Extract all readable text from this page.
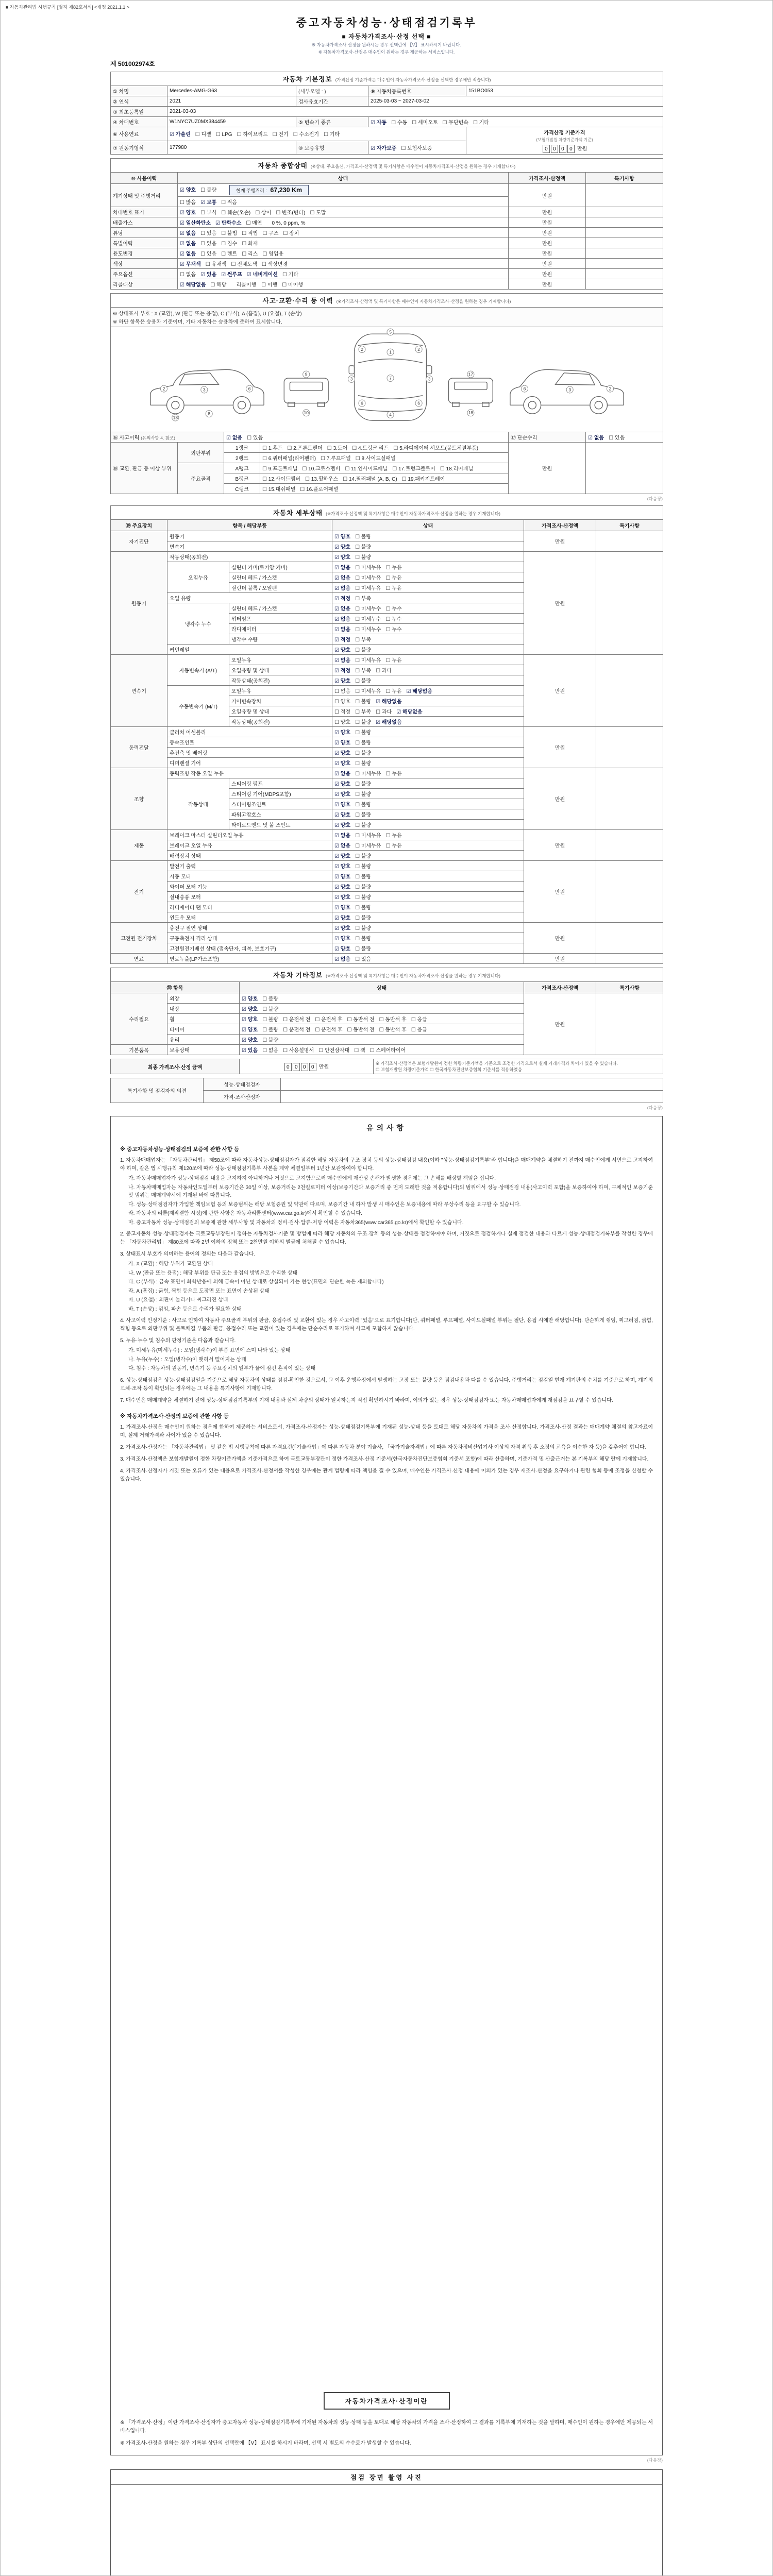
■ 자동차관리법 시행규칙 [별지 제82호서식] <개정 2021.1.1.>
중고자동차성능·상태점검기록부
■ 자동차가격조사·산정 선택 ■
※ 자동차가격조사·산정을 원하시는 경우 선택란에 【V】 표시하시기 바랍니다.
※ 자동차가격조사·산정은 매수인이 원하는 경우 제공하는 서비스입니다.
제 501002974호
자동차 기본정보 (가격산정 기준가격은 매수인이 자동차가격조사·산정을 선택한 경우에만 적습니다)				
① 차명	Mercedes-AMG-G63	(세부모델 : )	⑨ 자동차등록번호	151BO053
② 연식	2021	검사유효기간	2025-03-03 ~ 2027-03-02	
③ 최초등록일	2021-03-03			
④ 차대번호	W1NYC7UZ0MX384459	⑤ 변속기 종류	☑ 자동 ☐ 수동 ☐ 세미오토 ☐ 무단변속 ☐ 기타	
⑥ 사용연료	☑ 가솔린 ☐ 디젤 ☐ LPG ☐ 하이브리드 ☐ 전기 ☐ 수소전기 ☐ 기타			가격산정 기준가격
(보험개발원 차량기준가액 기준)
0 0 0 0 만원

⑦ 원동기형식	177980	⑧ 보증유형	☑ 자가보증 ☐ 보험사보증	
자동차 종합상태 (※상태, 주요옵션, 가격조사·산정액 및 특기사항은 매수인이 자동차가격조사·산정을 원하는 경우 기재합니다)			
⑩ 사용이력	상태	가격조사·산정액	특기사항
계기상태 및 주행거리	☑ 양호 ☐ 불량 현재 주행거리 : 67,230 Km	만원	
	☐ 많음 ☑ 보통 ☐ 적음		
차대번호 표기	☑ 양호 ☐ 부식 ☐ 훼손(오손) ☐ 상이 ☐ 변조(변타) ☐ 도말	만원	
배출가스	☑ 일산화탄소 ☑ 탄화수소 ☐ 매연 0 %, 0 ppm, %	만원	
튜닝	☑ 없음 ☐ 있음 ☐ 불법 ☐ 적법 ☐ 구조 ☐ 장치	만원	
특별이력	☑ 없음 ☐ 있음 ☐ 침수 ☐ 화재	만원	
용도변경	☑ 없음 ☐ 있음 ☐ 렌트 ☐ 리스 ☐ 영업용	만원	
색상	☑ 무채색 ☐ 유채색 ☐ 전체도색 ☐ 색상변경	만원	
주요옵션	☐ 없음 ☑ 있음 ☑ 썬루프 ☑ 네비게이션 ☐ 기타	만원	
리콜대상	☑ 해당없음 ☐ 해당 리콜이행 ☐ 이행 ☐ 미이행	만원	
사고·교환·수리 등 이력 (※가격조사·산정액 및 특기사항은 매수인이 자동차가격조사·산정을 원하는 경우 기재합니다)					

※ 상태표시 부호 : X (교환), W (판금 또는 용접), C (부식), A (흠집), U (요철), T (손상)
※ 하단 항목은 승용차 기준이며, 기타 자동차는 승용차에 준하여 표시합니다.					

2	3	6
13
8
9
10
5
1
2	2
3	3
7
6	6
4
17
18
6	3	2

⑯ 사고이력 (유의사항 4. 참조)		☑ 없음 ☐ 있음		⑰ 단순수리	☑ 없음 ☐ 있음
⑱ 교환, 판금 등 이상 부위	외판부위	1랭크	☐ 1.후드 ☐ 2.프론트펜더 ☐ 3.도어 ☐ 4.트렁크 리드 ☐ 5.라디에이터 서포트(볼트체결부품)	만원	
		2랭크	☐ 6.쿼터패널(리어펜더) ☐ 7.루프패널 ☐ 8.사이드실패널		
	주요골격	A랭크	☐ 9.프론트패널 ☐ 10.크로스멤버 ☐ 11.인사이드패널 ☐ 17.트렁크플로어 ☐ 18.리어패널		
		B랭크	☐ 12.사이드멤버 ☐ 13.휠하우스 ☐ 14.필러패널 (A, B, C) ☐ 19.패키지트레이		
		C랭크	☐ 15.대쉬패널 ☐ 16.플로어패널		
(다음장)
자동차 세부상태 (※가격조사·산정액 및 특기사항은 매수인이 자동차가격조사·산정을 원하는 경우 기재합니다)					
⑲ 주요장치	항목 / 해당부품		상태	가격조사·산정액	특기사항
자기진단	원동기		☑ 양호 ☐ 불량	만원	
	변속기		☑ 양호 ☐ 불량		
원동기	작동상태(공회전)		☑ 양호 ☐ 불량	만원	
	오일누유	실린더 커버(로커암 커버)	☑ 없음 ☐ 미세누유 ☐ 누유		
		실린더 헤드 / 가스켓	☑ 없음 ☐ 미세누유 ☐ 누유		
		실린더 블록 / 오일팬	☑ 없음 ☐ 미세누유 ☐ 누유		
	오일 유량		☑ 적정 ☐ 부족		
	냉각수 누수	실린더 헤드 / 가스켓	☑ 없음 ☐ 미세누수 ☐ 누수		
		워터펌프	☑ 없음 ☐ 미세누수 ☐ 누수		
		라디에이터	☑ 없음 ☐ 미세누수 ☐ 누수		
		냉각수 수량	☑ 적정 ☐ 부족		
	커먼레일		☑ 양호 ☐ 불량		
변속기	자동변속기 (A/T)	오일누유	☑ 없음 ☐ 미세누유 ☐ 누유	만원	
		오일유량 및 상태	☑ 적정 ☐ 부족 ☐ 과다		
		작동상태(공회전)	☑ 양호 ☐ 불량		
	수동변속기 (M/T)	오일누유	☐ 없음 ☐ 미세누유 ☐ 누유 ☑ 해당없음		
		기어변속장치	☐ 양호 ☐ 불량 ☑ 해당없음		
		오일유량 및 상태	☐ 적정 ☐ 부족 ☐ 과다 ☑ 해당없음		
		작동상태(공회전)	☐ 양호 ☐ 불량 ☑ 해당없음		
동력전달	클러치 어셈블리		☑ 양호 ☐ 불량	만원	
	등속조인트		☑ 양호 ☐ 불량		
	추진축 및 베어링		☑ 양호 ☐ 불량		
	디퍼렌셜 기어		☑ 양호 ☐ 불량		
조향	동력조향 작동 오일 누유		☑ 없음 ☐ 미세누유 ☐ 누유	만원	
	작동상태	스티어링 펌프	☑ 양호 ☐ 불량		
		스티어링 기어(MDPS포함)	☑ 양호 ☐ 불량		
		스티어링조인트	☑ 양호 ☐ 불량		
		파워고압호스	☑ 양호 ☐ 불량		
		타이로드엔드 및 볼 조인트	☑ 양호 ☐ 불량		
제동	브레이크 마스터 실린더오일 누유		☑ 없음 ☐ 미세누유 ☐ 누유	만원	
	브레이크 오일 누유		☑ 없음 ☐ 미세누유 ☐ 누유		
	배력장치 상태		☑ 양호 ☐ 불량		
전기	발전기 출력		☑ 양호 ☐ 불량	만원	
	시동 모터		☑ 양호 ☐ 불량		
	와이퍼 모터 기능		☑ 양호 ☐ 불량		
	실내송풍 모터		☑ 양호 ☐ 불량		
	라디에이터 팬 모터		☑ 양호 ☐ 불량		
	윈도우 모터		☑ 양호 ☐ 불량		
고전원 전기장치	충전구 절연 상태		☑ 양호 ☐ 불량	만원	
	구동축전지 격리 상태		☑ 양호 ☐ 불량		
	고전원전기배선 상태 (접속단자, 피복, 보호기구)		☑ 양호 ☐ 불량		
연료	연료누출(LP가스포함)		☑ 없음 ☐ 있음	만원	
자동차 기타정보 (※가격조사·산정액 및 특기사항은 매수인이 자동차가격조사·산정을 원하는 경우 기재합니다)				
⑳ 항목		상태	가격조사·산정액	특기사항
수리필요	외장	☑ 양호 ☐ 불량	만원	
	내장	☑ 양호 ☐ 불량		
	휠	☑ 양호 ☐ 불량 ☐ 운전석 전 ☐ 운전석 후 ☐ 동반석 전 ☐ 동반석 후 ☐ 응급		
	타이어	☑ 양호 ☐ 불량 ☐ 운전석 전 ☐ 운전석 후 ☐ 동반석 전 ☐ 동반석 후 ☐ 응급		
	유리	☑ 양호 ☐ 불량		
기본품목	보유상태	☑ 있음 ☐ 없음 ☐ 사용설명서 ☐ 안전삼각대 ☐ 잭 ☐ 스페어타이어		
최종 가격조사·산정 금액	0 0 0 0 만원	
※ 가격조사·산정액은 보험개발원이 정한 차량기준가액을 기준으로 조정한 가격으로서 실제 거래가격과 차이가 있을 수 있습니다.
☐ 보험개발원 차량기준가액 ☐ 한국자동차진단보증협회 기준서를 적용하였음
특기사항 및 점검자의 의견	성능·상태점검자	
	가격·조사산정자	
(다음장)
유의사항
※ 중고자동차성능·상태점검의 보증에 관한 사항 등
1. 자동차매매업자는 「자동차관리법」 제58조에 따라 자동차성능·상태점검자가 점검한 해당 자동차의 구조·장치 등의 성능·상태점검 내용(이하 "성능·상태점검기록부"라 합니다)을 매매계약을 체결하기 전까지 매수인에게 서면으로 고지하여야 하며, 같은 법 시행규칙 제120조에 따라 성능·상태점검기록부 사본을 계약 체결일부터 1년간 보관하여야 합니다.
가. 자동차매매업자가 성능·상태점검 내용을 고지하지 아니하거나 거짓으로 고지함으로써 매수인에게 재산상 손해가 발생한 경우에는 그 손해를 배상할 책임을 집니다.
나. 자동차매매업자는 자동차인도일부터 보증기간은 30일 이상, 보증거리는 2천킬로미터 이상(보증기간과 보증거리 중 먼저 도래한 것을 적용합니다)의 범위에서 성능·상태점검 내용(사고이력 포함)을 보증하여야 하며, 구체적인 보증기준 및 범위는 매매계약서에 기재된 바에 따릅니다.
다. 성능·상태점검자가 가입한 책임보험 등의 보증범위는 해당 보험증권 및 약관에 따르며, 보증기간 내 하자 발생 시 매수인은 보증내용에 따라 무상수리 등을 요구할 수 있습니다.
라. 자동차의 리콜(제작결함 시정)에 관한 사항은 자동차리콜센터(www.car.go.kr)에서 확인할 수 있습니다.
마. 중고자동차 성능·상태점검의 보증에 관한 세부사항 및 자동차의 정비·검사·압류·저당 이력은 자동차365(www.car365.go.kr)에서 확인할 수 있습니다.
2. 중고자동차 성능·상태점검자는 국토교통부장관이 정하는 자동차검사기준 및 방법에 따라 해당 자동차의 구조·장치 등의 성능·상태를 점검하여야 하며, 거짓으로 점검하거나 실제 점검한 내용과 다르게 성능·상태점검기록부를 작성한 경우에는 「자동차관리법」 제80조에 따라 2년 이하의 징역 또는 2천만원 이하의 벌금에 처해질 수 있습니다.
3. 상태표시 부호가 의미하는 용어의 정의는 다음과 같습니다.
가. X (교환) : 해당 부위가 교환된 상태
나. W (판금 또는 용접) : 해당 부위를 판금 또는 용접의 방법으로 수리한 상태
다. C (부식) : 금속 표면이 화학반응에 의해 금속이 아닌 상태로 상실되어 가는 현상(표면의 단순한 녹은 제외합니다)
라. A (흠집) : 긁힘, 찍힘 등으로 도장면 또는 표면이 손상된 상태
마. U (요철) : 외판이 눌리거나 찌그러진 상태
바. T (손상) : 꺾임, 파손 등으로 수리가 필요한 상태
4. 사고이력 인정기준 : 사고로 인하여 자동차 주요골격 부위의 판금, 용접수리 및 교환이 있는 경우 사고이력 "있음"으로 표기합니다(단, 쿼터패널, 루프패널, 사이드실패널 부위는 절단, 용접 시에만 해당합니다). 단순하게 꺾임, 찌그러짐, 긁힘, 찍힘 등으로 외판부위 및 볼트체결 부품의 판금, 용접수리 또는 교환이 있는 경우에는 단순수리로 표기하며 사고에 포함하지 않습니다.
5. 누유·누수 및 침수의 판정기준은 다음과 같습니다.
가. 미세누유(미세누수) : 오일(냉각수)이 부품 표면에 스며 나와 있는 상태
나. 누유(누수) : 오일(냉각수)이 맺혀서 떨어지는 상태
다. 침수 : 자동차의 원동기, 변속기 등 주요장치의 일부가 물에 잠긴 흔적이 있는 상태
6. 성능·상태점검은 성능·상태점검일을 기준으로 해당 자동차의 상태를 점검·확인한 것으로서, 그 이후 운행과정에서 발생하는 고장 또는 불량 등은 점검내용과 다를 수 있습니다. 주행거리는 점검일 현재 계기판의 수치를 기준으로 하며, 계기의 교체·조작 등이 확인되는 경우에는 그 내용을 특기사항에 기재합니다.
7. 매수인은 매매계약을 체결하기 전에 성능·상태점검기록부의 기재 내용과 실제 차량의 상태가 일치하는지 직접 확인하시기 바라며, 이의가 있는 경우 성능·상태점검자 또는 자동차매매업자에게 재점검을 요구할 수 있습니다.
※ 자동차가격조사·산정의 보증에 관한 사항 등
1. 가격조사·산정은 매수인이 원하는 경우에 한하여 제공하는 서비스로서, 가격조사·산정자는 성능·상태점검기록부에 기재된 성능·상태 등을 토대로 해당 자동차의 가격을 조사·산정합니다. 가격조사·산정 결과는 매매계약 체결의 참고자료이며, 실제 거래가격과 차이가 있을 수 있습니다.
2. 가격조사·산정자는 「자동차관리법」 및 같은 법 시행규칙에 따른 자격요건(「기술사법」에 따른 자동차 분야 기술사, 「국가기술자격법」에 따른 자동차정비산업기사 이상의 자격 취득 후 소정의 교육을 이수한 자 등)을 갖추어야 합니다.
3. 가격조사·산정액은 보험개발원이 정한 차량기준가액을 기준가격으로 하여 국토교통부장관이 정한 가격조사·산정 기준서(한국자동차진단보증협회 기준서 포함)에 따라 산출하며, 기준가격 및 산출근거는 본 기록부의 해당 란에 기재합니다.
4. 가격조사·산정자가 거짓 또는 오류가 있는 내용으로 가격조사·산정서를 작성한 경우에는 관계 법령에 따라 책임을 질 수 있으며, 매수인은 가격조사·산정 내용에 이의가 있는 경우 재조사·산정을 요구하거나 관련 협회 등에 조정을 신청할 수 있습니다.
자동차가격조사·산정이란
※ 「가격조사·산정」이란 가격조사·산정자가 중고자동차 성능·상태점검기록부에 기재된 자동차의 성능·상태 등을 토대로 해당 자동차의 가격을 조사·산정하여 그 결과를 기록부에 기재하는 것을 말하며, 매수인이 원하는 경우에만 제공되는 서비스입니다.
※ 가격조사·산정을 원하는 경우 기록부 상단의 선택란에 【V】 표시를 하시기 바라며, 선택 시 별도의 수수료가 발생할 수 있습니다.
(다음장)
점검 장면 촬영 사진
